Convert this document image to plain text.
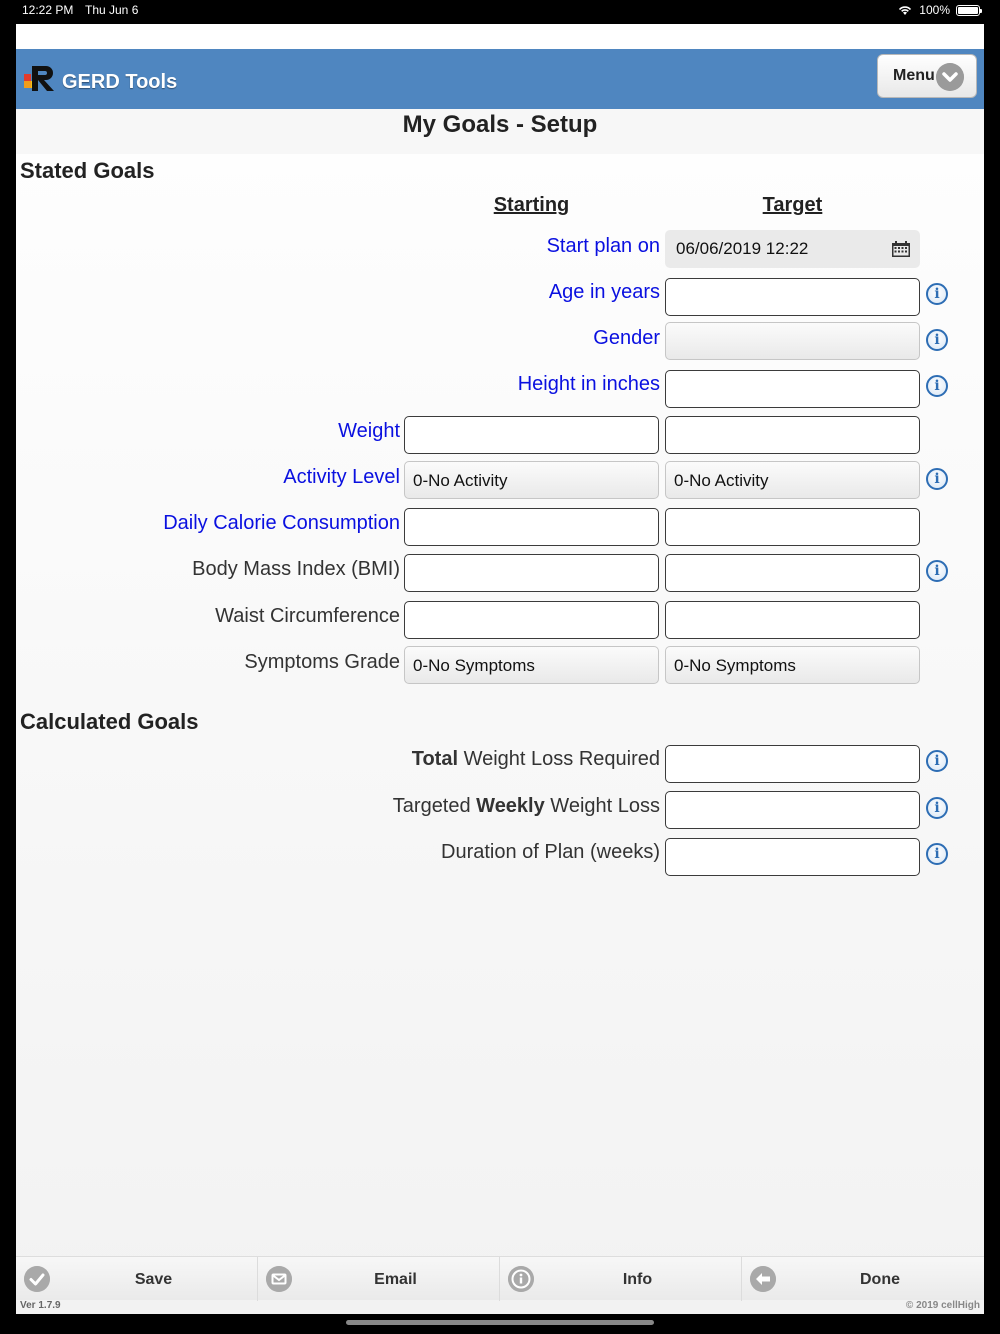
12:22 PM Thu Jun 6	100%
GERD Tools	Menu
My Goals - Setup
Stated Goals
Starting	Target
Start plan on 06/06/2019 12:22
Age in years	i
Gender	i
Height in inches	i
Weight
Activity Level 0-No Activity	0-No Activity	i
Daily Calorie Consumption
Body Mass Index (BMI)	i
Waist Circumference
Symptoms Grade 0-No Symptoms	0-No Symptoms
Calculated Goals
Total Weight Loss Required	i
Targeted Weekly Weight Loss	i
Duration of Plan (weeks)	i
Save	Email	Info	Done
Ver 1.7.9	© 2019 cellHigh
